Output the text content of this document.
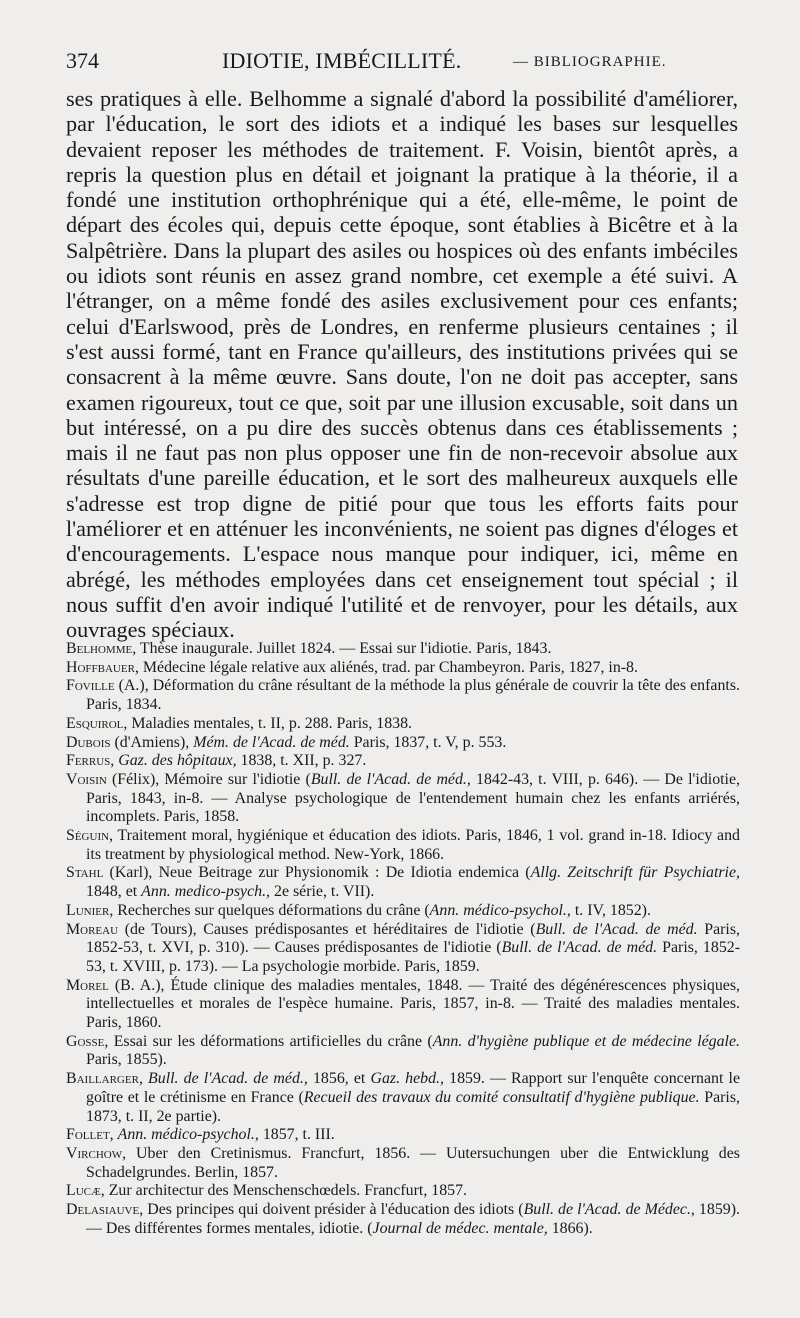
374	IDIOTIE, IMBÉCILLITÉ.	— BIBLIOGRAPHIE.

ses pratiques à elle. Belhomme a signalé d'abord la possibilité d'améliorer, par l'éducation, le sort des idiots et a indiqué les bases sur lesquelles devaient reposer les méthodes de traitement. F. Voisin, bientôt après, a repris la question plus en détail et joignant la pratique à la théorie, il a fondé une institution orthophrénique qui a été, elle-même, le point de départ des écoles qui, depuis cette époque, sont établies à Bicêtre et à la Salpêtrière. Dans la plupart des asiles ou hospices où des enfants imbéciles ou idiots sont réunis en assez grand nombre, cet exemple a été suivi. A l'étranger, on a même fondé des asiles exclusivement pour ces enfants; celui d'Earlswood, près de Londres, en renferme plusieurs centaines ; il s'est aussi formé, tant en France qu'ailleurs, des institutions privées qui se consacrent à la même œuvre. Sans doute, l'on ne doit pas accepter, sans examen rigoureux, tout ce que, soit par une illusion excusable, soit dans un but intéressé, on a pu dire des succès obtenus dans ces établissements ; mais il ne faut pas non plus opposer une fin de non-recevoir absolue aux résultats d'une pareille éducation, et le sort des malheureux auxquels elle s'adresse est trop digne de pitié pour que tous les efforts faits pour l'améliorer et en atténuer les inconvénients, ne soient pas dignes d'éloges et d'encouragements. L'espace nous manque pour indiquer, ici, même en abrégé, les méthodes employées dans cet enseignement tout spécial ; il nous suffit d'en avoir indiqué l'utilité et de renvoyer, pour les détails, aux ouvrages spéciaux.

Belhomme, Thèse inaugurale. Juillet 1824. — Essai sur l'idiotie. Paris, 1843.

Hoffbauer, Médecine légale relative aux aliénés, trad. par Chambeyron. Paris, 1827, in-8.

Foville (A.), Déformation du crâne résultant de la méthode la plus générale de couvrir la tête des enfants. Paris, 1834.

Esquirol, Maladies mentales, t. II, p. 288. Paris, 1838.

Dubois (d'Amiens), Mém. de l'Acad. de méd. Paris, 1837, t. V, p. 553.

Ferrus, Gaz. des hôpitaux, 1838, t. XII, p. 327.

Voisin (Félix), Mémoire sur l'idiotie (Bull. de l'Acad. de méd., 1842-43, t. VIII, p. 646). — De l'idiotie, Paris, 1843, in-8. — Analyse psychologique de l'entendement humain chez les enfants arriérés, incomplets. Paris, 1858.

Séguin, Traitement moral, hygiénique et éducation des idiots. Paris, 1846, 1 vol. grand in-18. Idiocy and its treatment by physiological method. New-York, 1866.

Stahl (Karl), Neue Beitrage zur Physionomik : De Idiotia endemica (Allg. Zeitschrift für Psychiatrie, 1848, et Ann. medico-psych., 2e série, t. VII).

Lunier, Recherches sur quelques déformations du crâne (Ann. médico-psychol., t. IV, 1852).

Moreau (de Tours), Causes prédisposantes et héréditaires de l'idiotie (Bull. de l'Acad. de méd. Paris, 1852-53, t. XVI, p. 310). — Causes prédisposantes de l'idiotie (Bull. de l'Acad. de méd. Paris, 1852-53, t. XVIII, p. 173). — La psychologie morbide. Paris, 1859.

Morel (B. A.), Étude clinique des maladies mentales, 1848. — Traité des dégénérescences physiques, intellectuelles et morales de l'espèce humaine. Paris, 1857, in-8. — Traité des maladies mentales. Paris, 1860.

Gosse, Essai sur les déformations artificielles du crâne (Ann. d'hygiène publique et de médecine légale. Paris, 1855).

Baillarger, Bull. de l'Acad. de méd., 1856, et Gaz. hebd., 1859. — Rapport sur l'enquête concernant le goître et le crétinisme en France (Recueil des travaux du comité consultatif d'hygiène publique. Paris, 1873, t. II, 2e partie).

Follet, Ann. médico-psychol., 1857, t. III.

Virchow, Uber den Cretinismus. Francfurt, 1856. — Uutersuchungen uber die Entwicklung des Schadelgrundes. Berlin, 1857.

Lucæ, Zur architectur des Menschenschœdels. Francfurt, 1857.

Delasiauve, Des principes qui doivent présider à l'éducation des idiots (Bull. de l'Acad. de Médec., 1859). — Des différentes formes mentales, idiotie. (Journal de médec. mentale, 1866).
